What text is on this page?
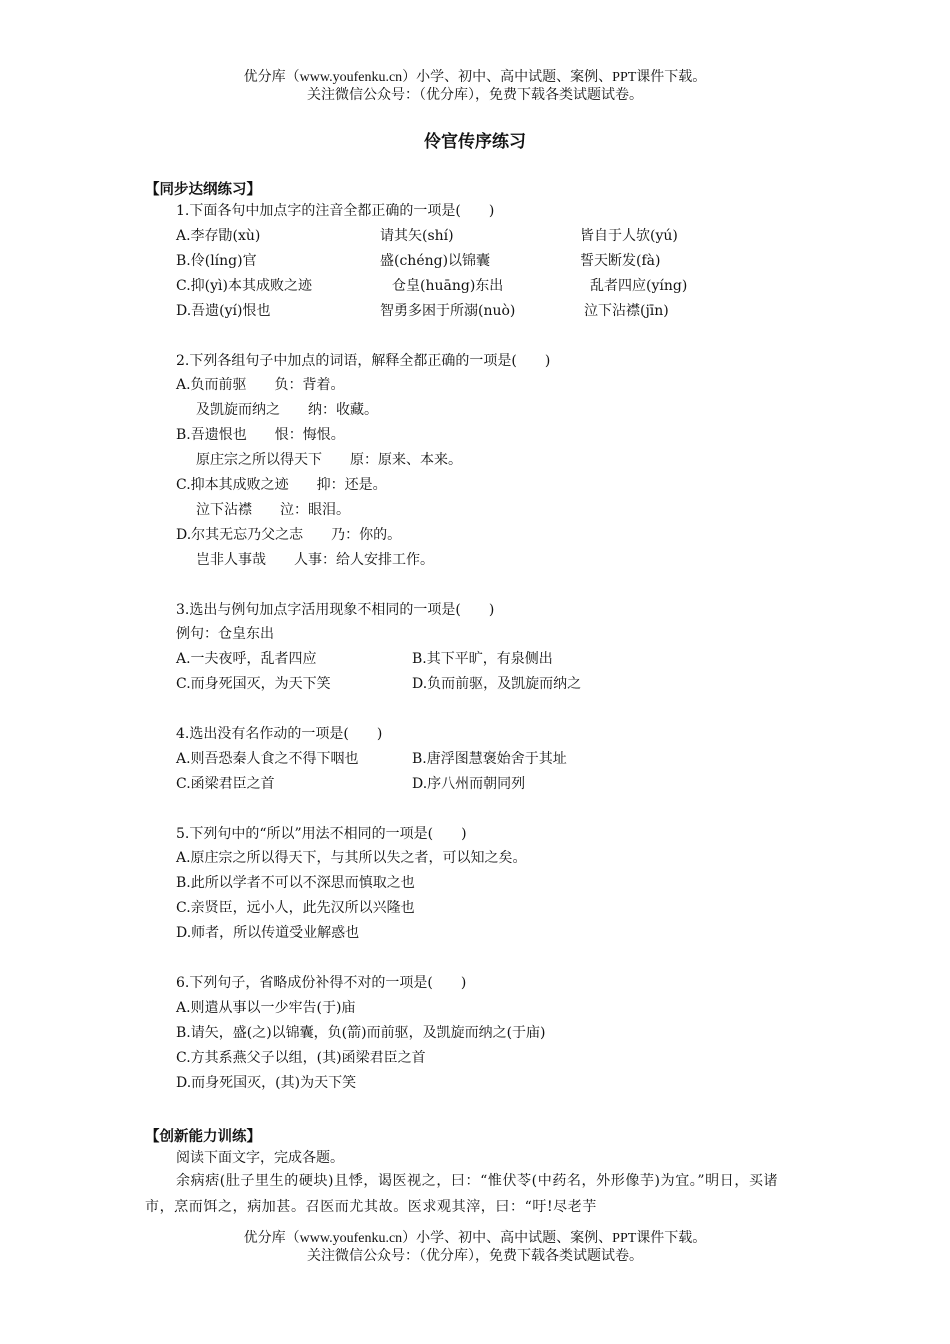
优分库（www.youfenku.cn）小学、初中、高中试题、案例、PPT课件下载。
关注微信公众号：（优分库），免费下载各类试题试卷。
伶官传序练习
【同步达纲练习】
1.下面各句中加点字的注音全都正确的一项是(　　)
A.李存勖(xù)	请其矢(shí)	皆自于人欤(yú)
B.伶(líng)官	盛(chéng)以锦囊	誓天断发(fà)
C.抑(yì)本其成败之迹	仓皇(huāng)东出	乱者四应(yíng)
D.吾遗(yí)恨也	智勇多困于所溺(nuò)	泣下沾襟(jīn)
2.下列各组句子中加点的词语，解释全都正确的一项是(　　)
A.负而前驱　　负：背着。
及凯旋而纳之　　纳：收藏。
B.吾遗恨也　　恨：悔恨。
原庄宗之所以得天下　　原：原来、本来。
C.抑本其成败之迹　　抑：还是。
泣下沾襟　　泣：眼泪。
D.尔其无忘乃父之志　　乃：你的。
岂非人事哉　　人事：给人安排工作。
3.选出与例句加点字活用现象不相同的一项是(　　)
例句：仓皇东出
A.一夫夜呼，乱者四应	B.其下平旷，有泉侧出
C.而身死国灭，为天下笑	D.负而前驱，及凯旋而纳之
4.选出没有名作动的一项是(　　)
A.则吾恐秦人食之不得下咽也	B.唐浮图慧褒始舍于其址
C.函梁君臣之首	D.序八州而朝同列
5.下列句中的“所以”用法不相同的一项是(　　)
A.原庄宗之所以得天下，与其所以失之者，可以知之矣。
B.此所以学者不可以不深思而慎取之也
C.亲贤臣，远小人，此先汉所以兴隆也
D.师者，所以传道受业解惑也
6.下列句子，省略成份补得不对的一项是(　　)
A.则遣从事以一少牢告(于)庙
B.请矢，盛(之)以锦囊，负(箭)而前驱，及凯旋而纳之(于庙)
C.方其系燕父子以组，(其)函梁君臣之首
D.而身死国灭，(其)为天下笑
【创新能力训练】
阅读下面文字，完成各题。
余病痞(肚子里生的硬块)且悸，谒医视之，曰：“惟伏苓(中药名，外形像芋)为宜。”明日，买诸市，烹而饵之，病加甚。召医而尤其故。医求观其滓，曰：“吁!尽老芋
优分库（www.youfenku.cn）小学、初中、高中试题、案例、PPT课件下载。
关注微信公众号：（优分库），免费下载各类试题试卷。
